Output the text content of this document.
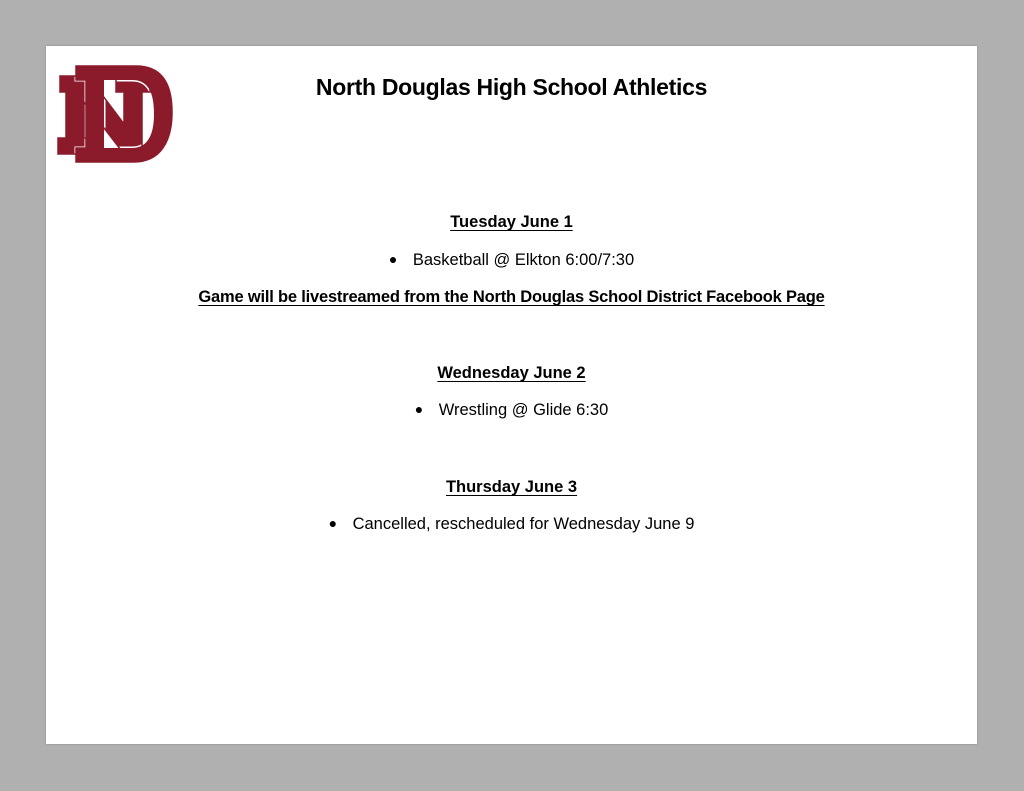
North Douglas High School Athletics
Tuesday June 1
● Basketball @ Elkton 6:00/7:30
Game will be livestreamed from the North Douglas School District Facebook Page
Wednesday June 2
● Wrestling @ Glide 6:30
Thursday June 3
● Cancelled, rescheduled for Wednesday June 9
